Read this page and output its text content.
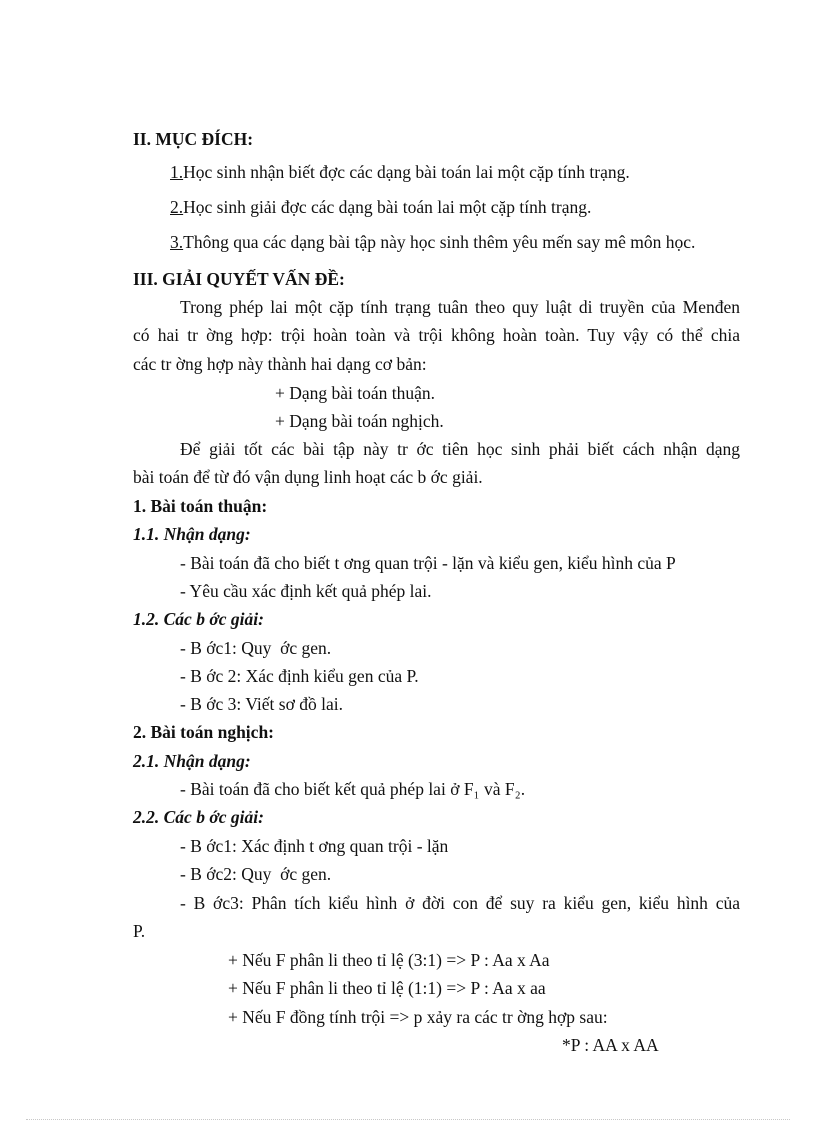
II. MỤC ĐÍCH:
1.Học sinh nhận biết đợc các dạng bài toán lai một cặp tính trạng.
2.Học sinh giải đợc các dạng bài toán lai một cặp tính trạng.
3.Thông qua các dạng bài tập này học sinh thêm yêu mến say mê môn học.
III. GIẢI QUYẾT VẤN ĐỀ:
Trong phép lai một cặp tính trạng tuân theo quy luật di truyền của Menđen
có hai tr ờng hợp: trội hoàn toàn và trội không hoàn toàn. Tuy vậy có thể chia
các tr ờng hợp này thành hai dạng cơ bản:
+ Dạng bài toán thuận.
+ Dạng bài toán nghịch.
Để giải tốt các bài tập này tr ớc tiên học sinh phải biết cách nhận dạng
bài toán để từ đó vận dụng linh hoạt các b ớc giải.
1. Bài toán thuận:
1.1. Nhận dạng:
- Bài toán đã cho biết t ơng quan trội - lặn và kiểu gen, kiểu hình của P
- Yêu cầu xác định kết quả phép lai.
1.2. Các b ớc giải:
- B ớc1: Quy ớc gen.
- B ớc 2: Xác định kiểu gen của P.
- B ớc 3: Viết sơ đồ lai.
2. Bài toán nghịch:
2.1. Nhận dạng:
- Bài toán đã cho biết kết quả phép lai ở F₁ và F₂.
2.2. Các b ớc giải:
- B ớc1: Xác định t ơng quan trội - lặn
- B ớc2: Quy ớc gen.
- B ớc3: Phân tích kiểu hình ở đời con để suy ra kiểu gen, kiểu hình của
P.
+ Nếu F phân li theo tỉ lệ (3:1) => P : Aa x Aa
+ Nếu F phân li theo tỉ lệ (1:1) => P : Aa x aa
+ Nếu F đồng tính trội => p xảy ra các tr ờng hợp sau:
*P : AA x AA
